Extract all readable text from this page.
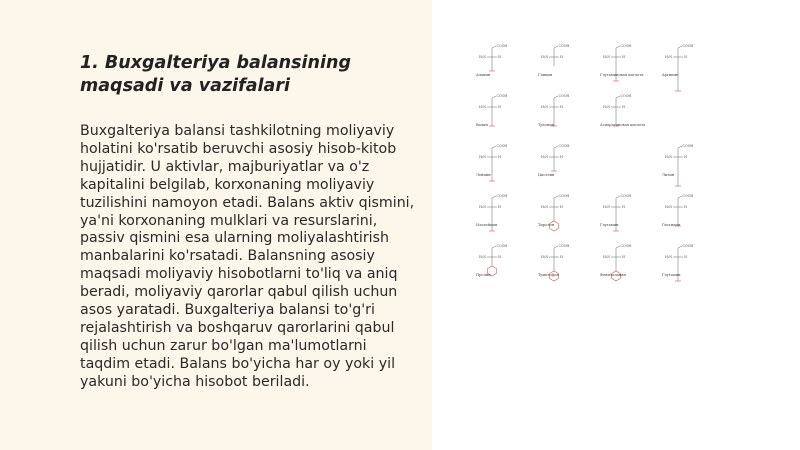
1. Buxgalteriya balansining maqsadi va vazifalari

Buxgalteriya balansi tashkilotning moliyaviy holatini ko'rsatib beruvchi asosiy hisob-kitob hujjatidir. U aktivlar, majburiyatlar va o'z kapitalini belgilab, korxonaning moliyaviy tuzilishini namoyon etadi. Balans aktiv qismini, ya'ni korxonaning mulklari va resurslarini, passiv qismini esa ularning moliyalashtirish manbalarini ko'rsatadi. Balansning asosiy maqsadi moliyaviy hisobotlarni to'liq va aniq beradi, moliyaviy qarorlar qabul qilish uchun asos yaratadi. Buxgalteriya balansi to'g'ri rejalashtirish va boshqaruv qarorlarini qabul qilish uchun zarur bo'lgan ma'lumotlarni taqdim etadi. Balans bo'yicha har oy yoki yil yakuni bo'yicha hisobot beriladi.

COOH
H₂N	H
Аланин
COOH
H₂N	H
Глицин
COOH
H₂N	H
Глутаминовая кислота
COOH
H₂N	H
Аргинин
COOH
H₂N	H
Валин
COOH
H₂N	H
Треонин
COOH
H₂N	H
Аспарагиновая кислота
COOH
H₂N	H
Лейцин
COOH
H₂N	H
Цистеин
COOH
H₂N	H
Лизин
COOH
H₂N	H
Изолейцин
COOH
H₂N	H
Тирозин
COOH
H₂N	H
Глутамин
COOH
H₂N	H
Гистидин
COOH
H₂N	H
Пролин
COOH
H₂N	H
Триптофан
COOH
H₂N	H
Фенилаланин
COOH
H₂N	H
Глутамин
